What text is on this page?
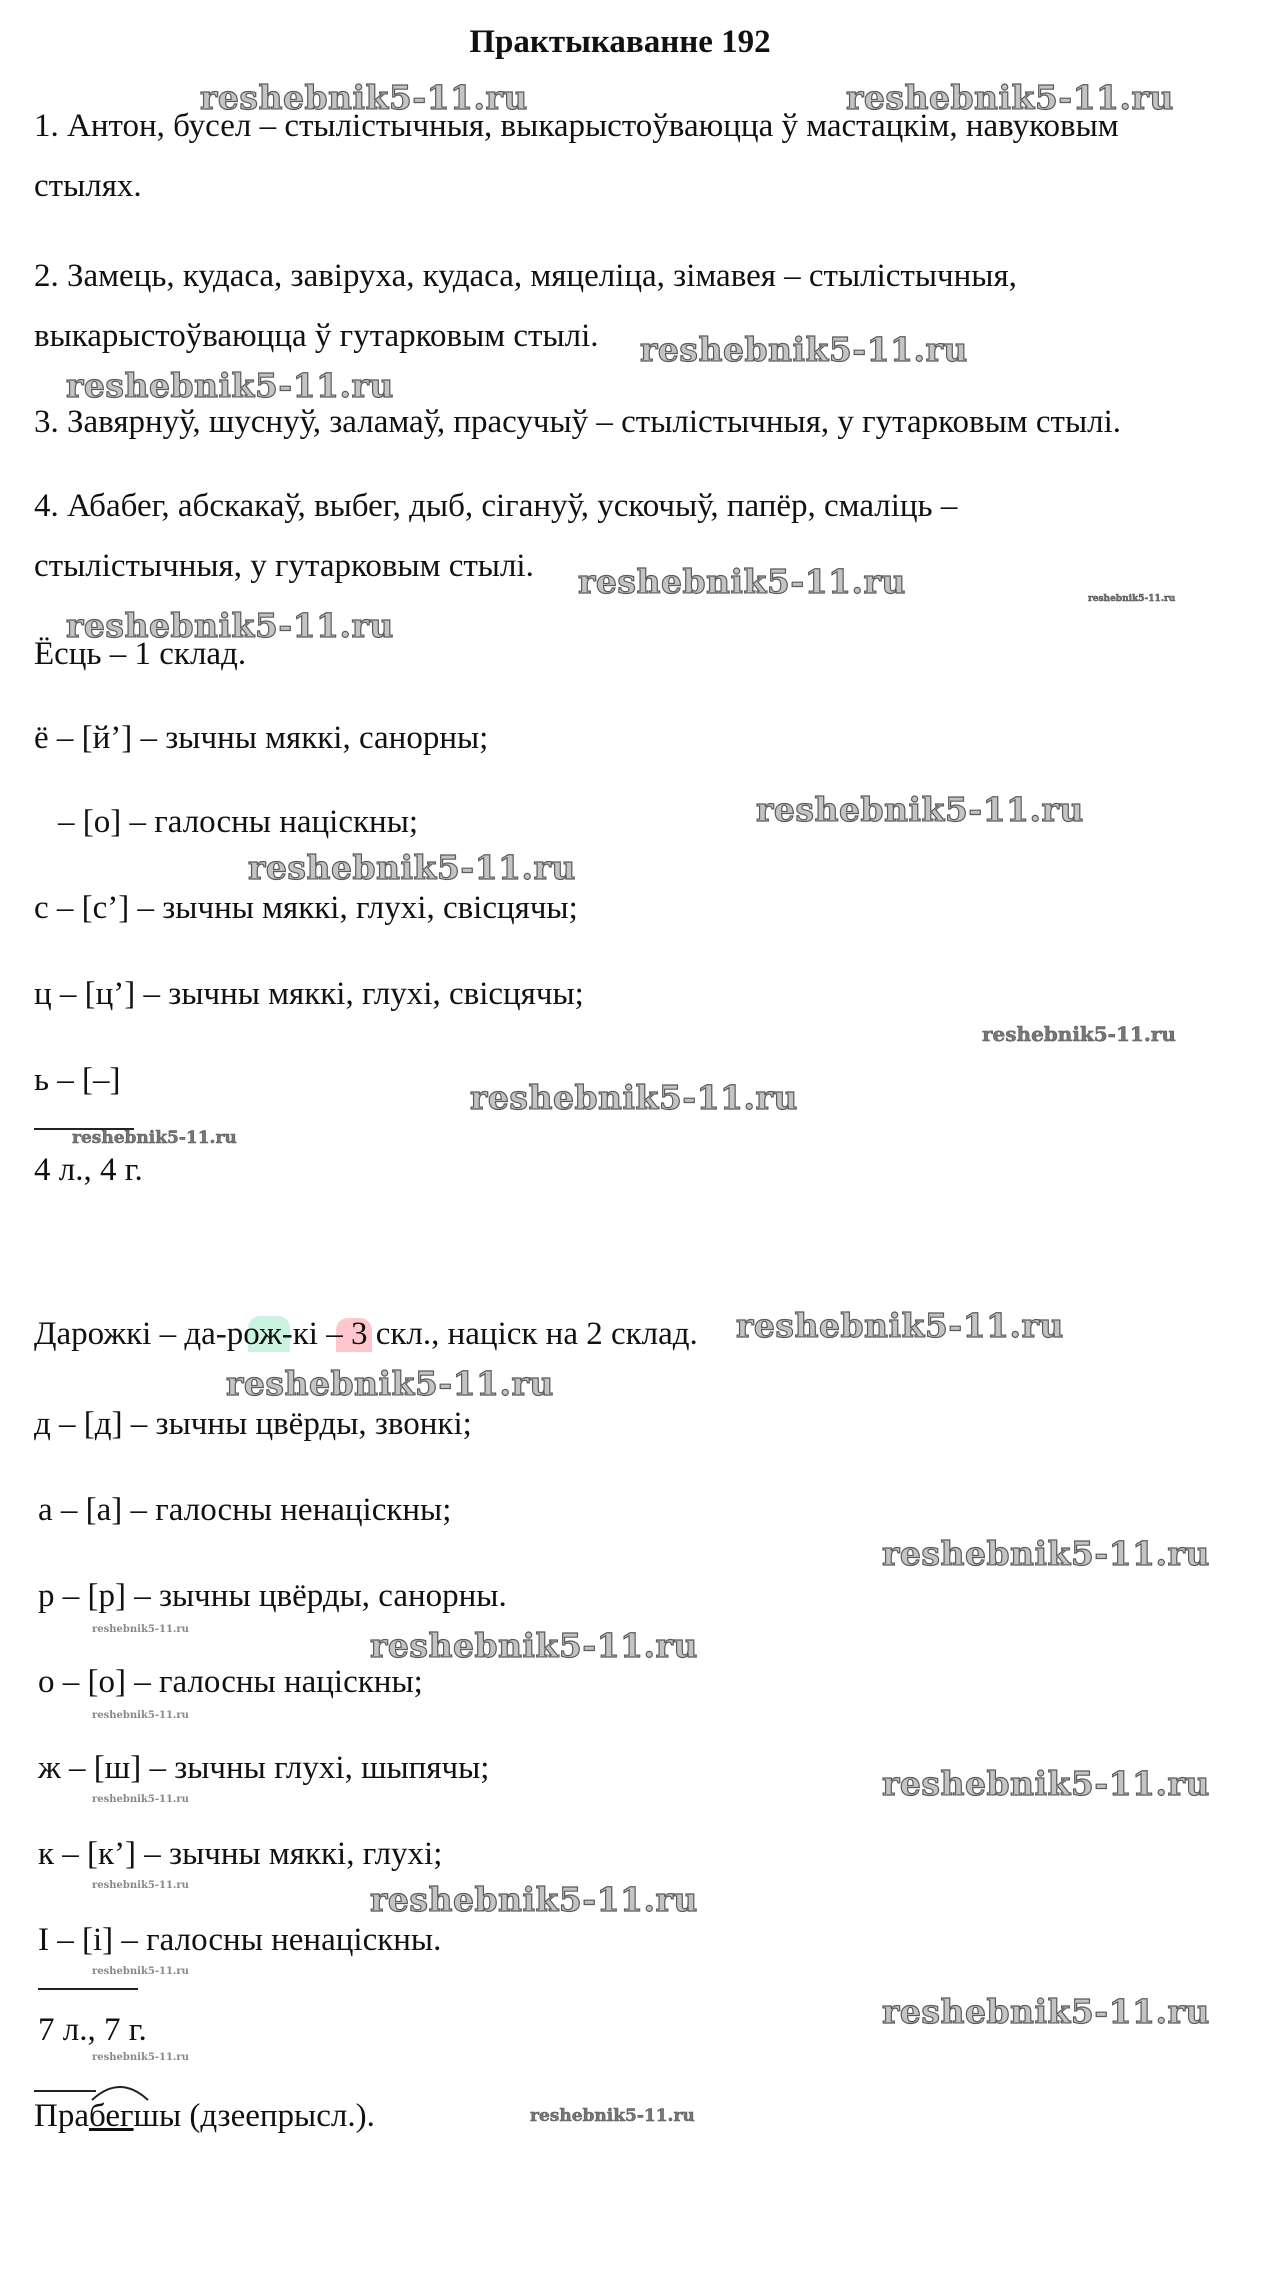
Практыкаванне 192
1. Антон, бусел – стылістычныя, выкарыстоўваюцца ў мастацкім, навуковым
стылях.
2. Замець, кудаса, завіруха, кудаса, мяцеліца, зімавея – стылістычныя,
выкарыстоўваюцца ў гутарковым стылі.
3. Завярнуў, шуснуў, заламаў, прасучыў – стылістычныя, у гутарковым стылі.
4. Абабег, абскакаў, выбег, дыб, сігануў, ускочыў, папёр, смаліць –
стылістычныя, у гутарковым стылі.
Ёсць – 1 склад.
ё – [й’] – зычны мяккі, санорны;
– [о] – галосны націскны;
с – [с’] – зычны мяккі, глухі, свісцячы;
ц – [ц’] – зычны мяккі, глухі, свісцячы;
ь – [–]
4 л., 4 г.
Дарожкі – да-рож-кі – 3 скл., націск на 2 склад.
д – [д] – зычны цвёрды, звонкі;
а – [а] – галосны ненаціскны;
р – [р] – зычны цвёрды, санорны.
о – [о] – галосны націскны;
ж – [ш] – зычны глухі, шыпячы;
к – [к’] – зычны мяккі, глухі;
І – [і] – галосны ненаціскны.
7 л., 7 г.
Прабегшы (дзеепрысл.).
reshebnik5-11.ru	reshebnik5-11.ru
reshebnik5-11.ru
reshebnik5-11.ru
reshebnik5-11.ru	reshebnik5-11.ru
reshebnik5-11.ru
reshebnik5-11.ru
reshebnik5-11.ru
reshebnik5-11.ru
reshebnik5-11.ru
reshebnik5-11.ru
reshebnik5-11.ru
reshebnik5-11.ru
reshebnik5-11.ru
reshebnik5-11.ru	reshebnik5-11.ru
reshebnik5-11.ru
reshebnik5-11.ru
reshebnik5-11.ru
reshebnik5-11.ru	reshebnik5-11.ru
reshebnik5-11.ru
reshebnik5-11.ru
reshebnik5-11.ru
reshebnik5-11.ru
